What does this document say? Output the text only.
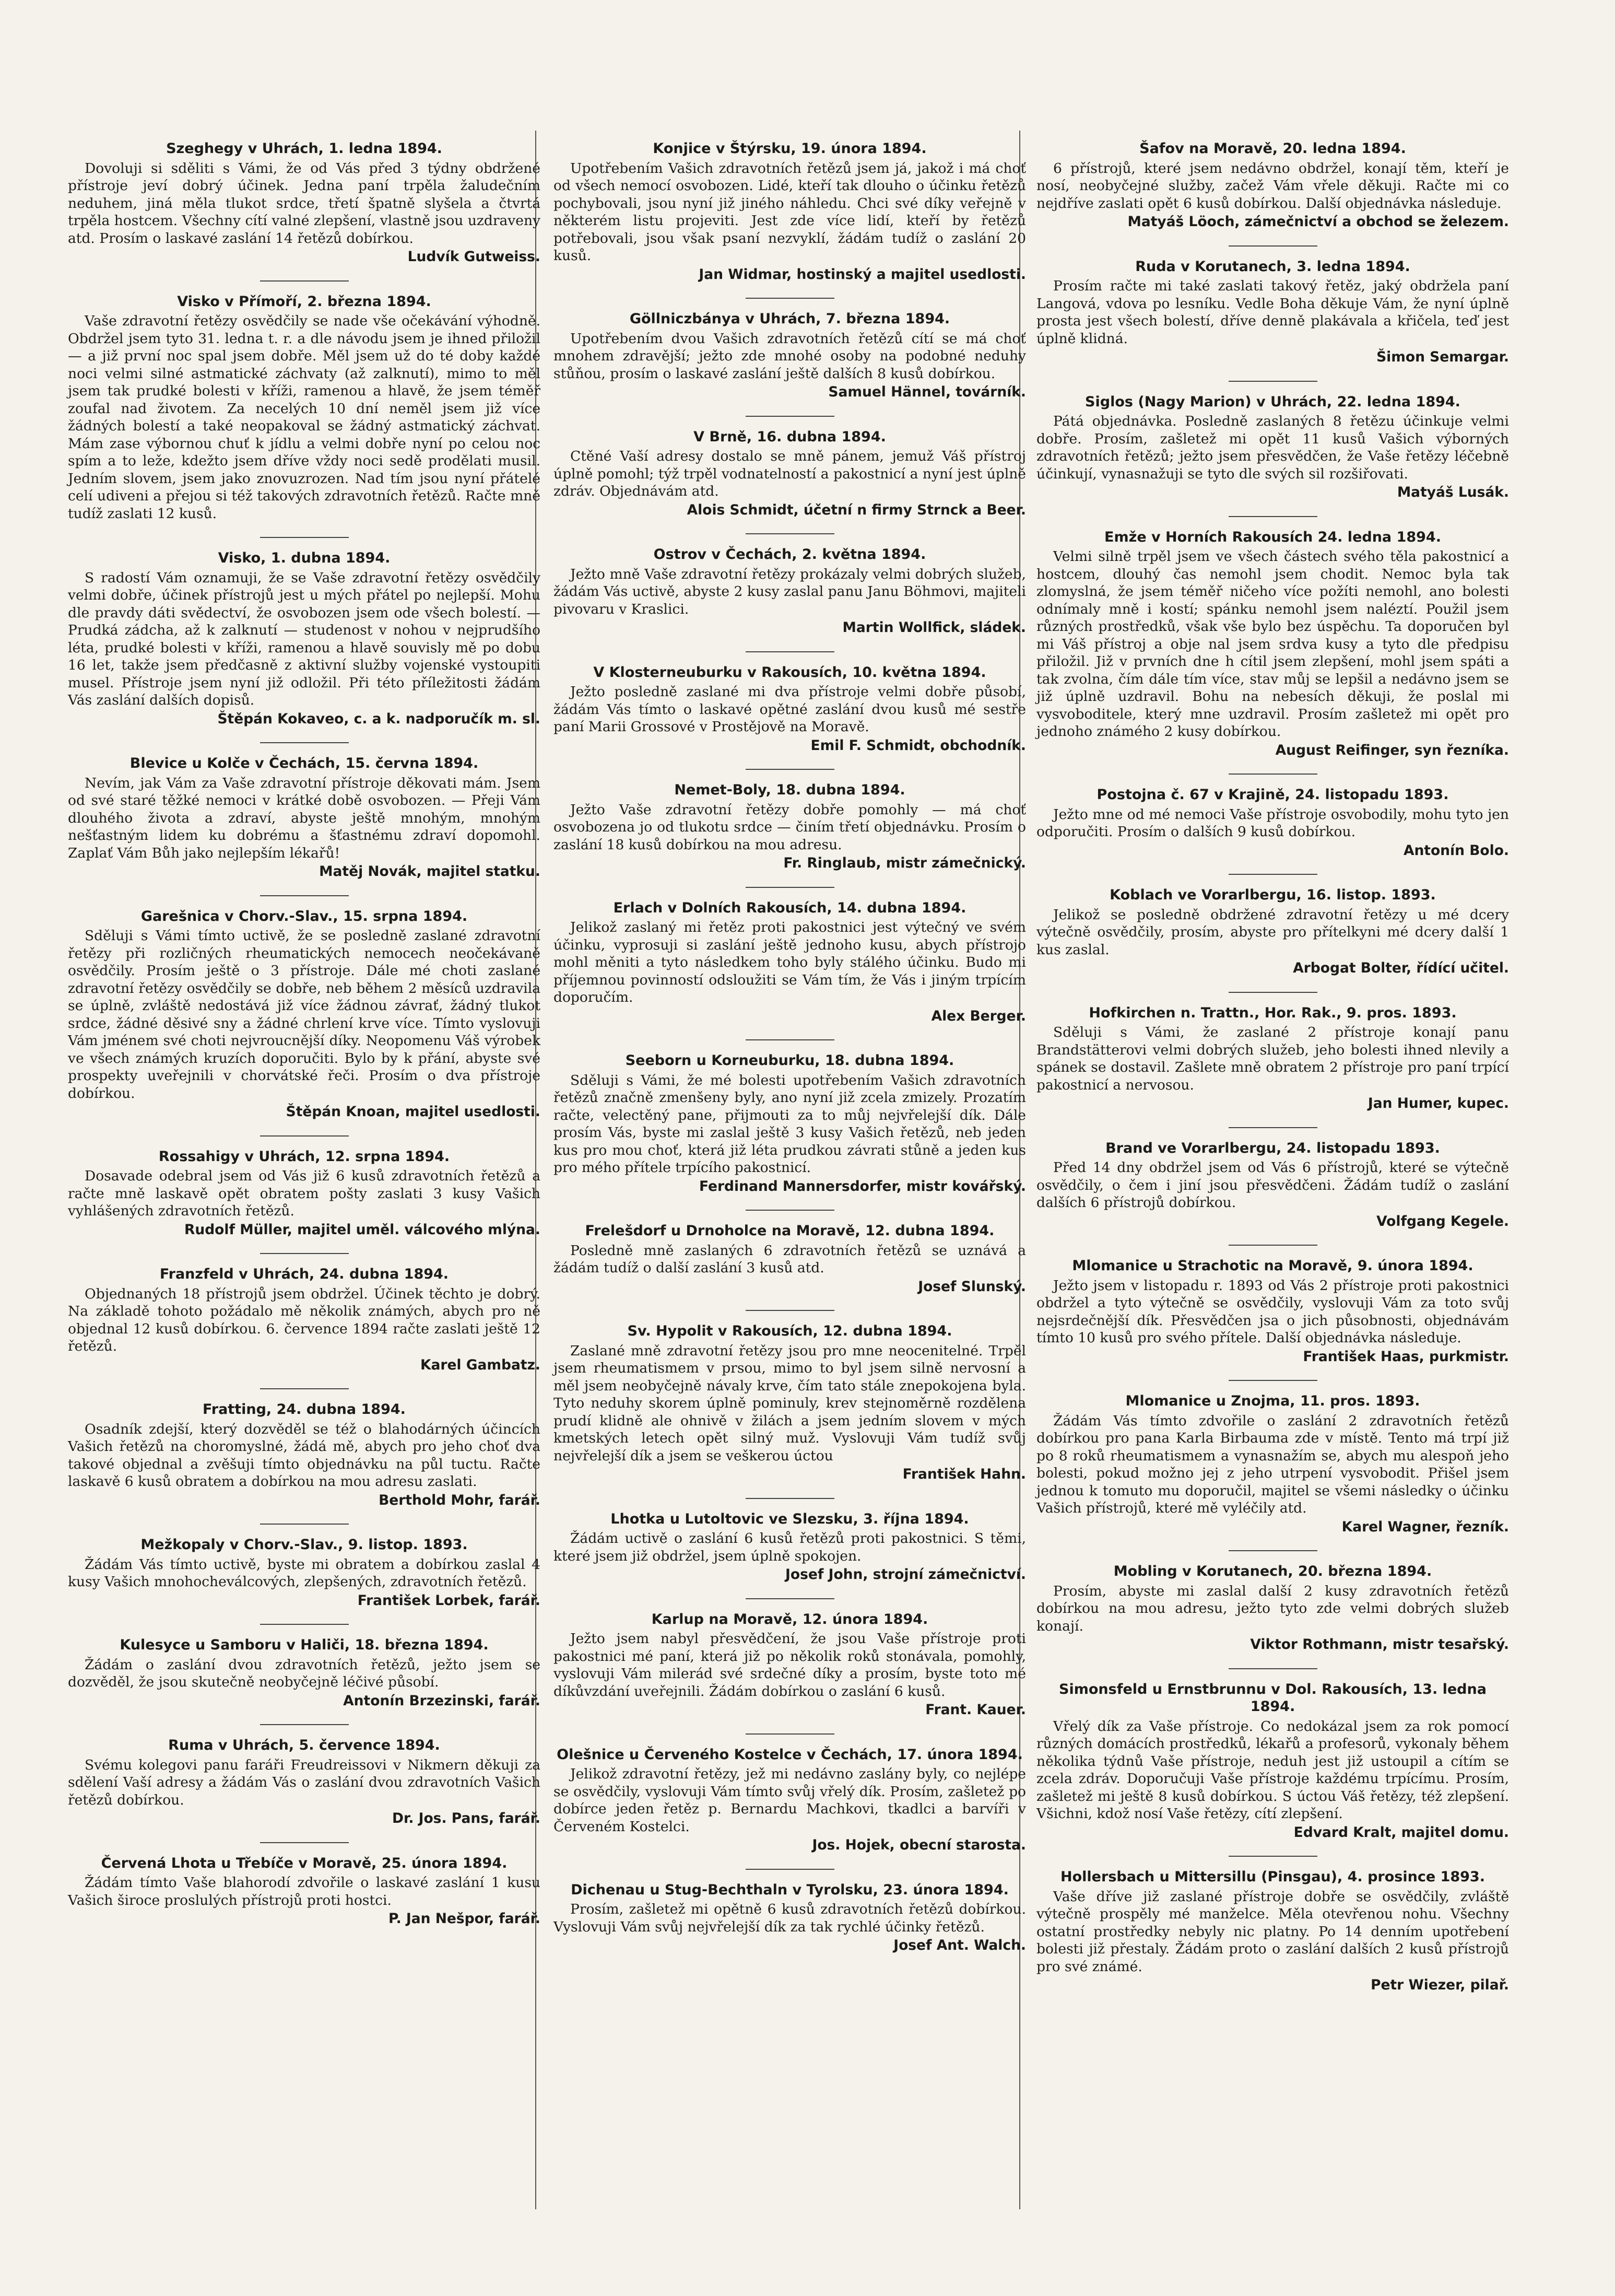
Szeghegy v Uhrách, 1. ledna 1894.

Dovoluji si sděliti s Vámi, že od Vás před 3 týdny obdržené přístroje jeví dobrý účinek. Jedna paní trpěla žaludečním neduhem, jiná měla tlukot srdce, třetí špatně slyšela a čtvrtá trpěla hostcem. Všechny cítí valné zlepšení, vlastně jsou uzdraveny atd. Prosím o laskavé zaslání 14 řetězů dobírkou.

Ludvík Gutweiss.
Visko v Přímoří, 2. března 1894.

Vaše zdravotní řetězy osvědčily se nade vše očekávání výhodně. Obdržel jsem tyto 31. ledna t. r. a dle návodu jsem je ihned přiložil — a již první noc spal jsem dobře. Měl jsem už do té doby každé noci velmi silné astmatické záchvaty (až zalknutí), mimo to měl jsem tak prudké bolesti v kříži, ramenou a hlavě, že jsem téměř zoufal nad životem. Za necelých 10 dní neměl jsem již více žádných bolestí a také neopakoval se žádný astmatický záchvat. Mám zase výbornou chuť k jídlu a velmi dobře nyní po celou noc spím a to leže, kdežto jsem dříve vždy noci sedě prodělati musil. Jedním slovem, jsem jako znovuzrozen. Nad tím jsou nyní přátelé celí udiveni a přejou si též takových zdravotních řetězů. Račte mně tudíž zaslati 12 kusů.

Visko, 1. dubna 1894.

S radostí Vám oznamuji, že se Vaše zdravotní řetězy osvědčily velmi dobře, účinek přístrojů jest u mých přátel po nejlepší. Mohu dle pravdy dáti svědectví, že osvobozen jsem ode všech bolestí. — Prudká zádcha, až k zalknutí — studenost v nohou v nejprudšího léta, prudké bolesti v kříži, ramenou a hlavě souvisly mě po dobu 16 let, takže jsem předčasně z aktivní služby vojenské vystoupiti musel. Přístroje jsem nyní již odložil. Při této příležitosti žádám Vás zaslání dalších dopisů.

Štěpán Kokaveo, c. a k. nadporučík m. sl.
Blevice u Kolče v Čechách, 15. června 1894.

Nevím, jak Vám za Vaše zdravotní přístroje děkovati mám. Jsem od své staré těžké nemoci v krátké době osvobozen. — Přeji Vám dlouhého života a zdraví, abyste ještě mnohým, mnohým nešťastným lidem ku dobrému a šťastnému zdraví dopomohl. Zaplať Vám Bůh jako nejlepším lékařů!

Matěj Novák, majitel statku.
Garešnica v Chorv.-Slav., 15. srpna 1894.

Sděluji s Vámi tímto uctivě, že se posledně zaslané zdravotní řetězy při rozličných rheumatických nemocech neočekávaně osvědčily. Prosím ještě o 3 přístroje. Dále mé choti zaslané zdravotní řetězy osvědčily se dobře, neb během 2 měsíců uzdravila se úplně, zvláště nedostává již více žádnou závrať, žádný tlukot srdce, žádné děsivé sny a žádné chrlení krve více. Tímto vyslovuji Vám jménem své choti nejvroucnější díky. Neopomenu Váš výrobek ve všech známých kruzích doporučiti. Bylo by k přání, abyste své prospekty uveřejnili v chorvátské řeči. Prosím o dva přístroje dobírkou.

Štěpán Knoan, majitel usedlosti.
Rossahigy v Uhrách, 12. srpna 1894.

Dosavade odebral jsem od Vás již 6 kusů zdravotních řetězů a račte mně laskavě opět obratem pošty zaslati 3 kusy Vašich vyhlášených zdravotních řetězů.

Rudolf Müller, majitel uměl. válcového mlýna.
Franzfeld v Uhrách, 24. dubna 1894.

Objednaných 18 přístrojů jsem obdržel. Účinek těchto je dobrý. Na základě tohoto požádalo mě několik známých, abych pro ně objednal 12 kusů dobírkou. 6. července 1894 račte zaslati ještě 12 řetězů.

Karel Gambatz.
Fratting, 24. dubna 1894.

Osadník zdejší, který dozvěděl se též o blahodárných účincích Vašich řetězů na choromyslné, žádá mě, abych pro jeho choť dva takové objednal a zvěšuji tímto objednávku na půl tuctu. Račte laskavě 6 kusů obratem a dobírkou na mou adresu zaslati.

Berthold Mohr, farář.
Mežkopaly v Chorv.-Slav., 9. listop. 1893.

Žádám Vás tímto uctivě, byste mi obratem a dobírkou zaslal 4 kusy Vašich mnohocheválcových, zlepšených, zdravotních řetězů.

František Lorbek, farář.
Kulesyce u Samboru v Haliči, 18. března 1894.

Žádám o zaslání dvou zdravotních řetězů, ježto jsem se dozvěděl, že jsou skutečně neobyčejně léčivé působí.

Antonín Brzezinski, farář.
Ruma v Uhrách, 5. července 1894.

Svému kolegovi panu faráři Freudreissovi v Nikmern děkuji za sdělení Vaší adresy a žádám Vás o zaslání dvou zdravotních Vašich řetězů dobírkou.

Dr. Jos. Pans, farář.
Červená Lhota u Třebíče v Moravě, 25. února 1894.

Žádám tímto Vaše blahorodí zdvořile o laskavé zaslání 1 kusu Vašich široce proslulých přístrojů proti hostci.

P. Jan Nešpor, farář.
Konjice v Štýrsku, 19. února 1894.

Upotřebením Vašich zdravotních řetězů jsem já, jakož i má choť od všech nemocí osvobozen. Lidé, kteří tak dlouho o účinku řetězů pochybovali, jsou nyní již jiného náhledu. Chci své díky veřejně v některém listu projeviti. Jest zde více lidí, kteří by řetězů potřebovali, jsou však psaní nezvyklí, žádám tudíž o zaslání 20 kusů.

Jan Widmar, hostinský a majitel usedlosti.
Göllniczbánya v Uhrách, 7. března 1894.

Upotřebením dvou Vašich zdravotních řetězů cítí se má choť mnohem zdravější; ježto zde mnohé osoby na podobné neduhy stůňou, prosím o laskavé zaslání ještě dalších 8 kusů dobírkou.

Samuel Hännel, továrník.
V Brně, 16. dubna 1894.

Ctěné Vaší adresy dostalo se mně pánem, jemuž Váš přístroj úplně pomohl; týž trpěl vodnatelností a pakostnicí a nyní jest úplně zdráv. Objednávám atd.

Alois Schmidt, účetní n firmy Strnck a Beer.
Ostrov v Čechách, 2. května 1894.

Ježto mně Vaše zdravotní řetězy prokázaly velmi dobrých služeb, žádám Vás uctivě, abyste 2 kusy zaslal panu Janu Böhmovi, majiteli pivovaru v Kraslici.

Martin Wollfick, sládek.
V Klosterneuburku v Rakousích, 10. května 1894.

Ježto posledně zaslané mi dva přístroje velmi dobře působí, žádám Vás tímto o laskavé opětné zaslání dvou kusů mé sestře paní Marii Grossové v Prostějově na Moravě.

Emil F. Schmidt, obchodník.
Nemet-Boly, 18. dubna 1894.

Ježto Vaše zdravotní řetězy dobře pomohly — má choť osvobozena jo od tlukotu srdce — činím třetí objednávku. Prosím o zaslání 18 kusů dobírkou na mou adresu.

Fr. Ringlaub, mistr zámečnický.
Erlach v Dolních Rakousích, 14. dubna 1894.

Jelikož zaslaný mi řetěz proti pakostnici jest výtečný ve svém účinku, vyprosuji si zaslání ještě jednoho kusu, abych přístrojo mohl měniti a tyto následkem toho byly stálého účinku. Budo mi příjemnou povinností odsloužiti se Vám tím, že Vás i jiným trpícím doporučím.

Alex Berger.
Seeborn u Korneuburku, 18. dubna 1894.

Sděluji s Vámi, že mé bolesti upotřebením Vašich zdravotních řetězů značně zmenšeny byly, ano nyní již zcela zmizely. Prozatím račte, velectěný pane, přijmouti za to můj nejvřelejší dík. Dále prosím Vás, byste mi zaslal ještě 3 kusy Vašich řetězů, neb jeden kus pro mou choť, která již léta prudkou závrati stůně a jeden kus pro mého přítele trpícího pakostnicí.

Ferdinand Mannersdorfer, mistr kovářský.
Frelešdorf u Drnoholce na Moravě, 12. dubna 1894.

Posledně mně zaslaných 6 zdravotních řetězů se uznává a žádám tudíž o další zaslání 3 kusů atd.

Josef Slunský.
Sv. Hypolit v Rakousích, 12. dubna 1894.

Zaslané mně zdravotní řetězy jsou pro mne neocenitelné. Trpěl jsem rheumatismem v prsou, mimo to byl jsem silně nervosní a měl jsem neobyčejně návaly krve, čím tato stále znepokojena byla. Tyto neduhy skorem úplně pominuly, krev stejnoměrně rozdělena prudí klidně ale ohnivě v žilách a jsem jedním slovem v mých kmetských letech opět silný muž. Vyslovuji Vám tudíž svůj nejvřelejší dík a jsem se veškerou úctou

František Hahn.
Lhotka u Lutoltovic ve Slezsku, 3. října 1894.

Žádám uctivě o zaslání 6 kusů řetězů proti pakostnici. S těmi, které jsem již obdržel, jsem úplně spokojen.

Josef John, strojní zámečnictví.
Karlup na Moravě, 12. února 1894.

Ježto jsem nabyl přesvědčení, že jsou Vaše přístroje proti pakostnici mé paní, která již po několik roků stonávala, pomohly, vyslovuji Vám milerád své srdečné díky a prosím, byste toto mé díkůvzdání uveřejnili. Žádám dobírkou o zaslání 6 kusů.

Frant. Kauer.
Olešnice u Červeného Kostelce v Čechách, 17. února 1894.

Jelikož zdravotní řetězy, jež mi nedávno zaslány byly, co nejlépe se osvědčily, vyslovuji Vám tímto svůj vřelý dík. Prosím, zašletež po dobírce jeden řetěz p. Bernardu Machkovi, tkadlci a barvíři v Červeném Kostelci.

Jos. Hojek, obecní starosta.
Dichenau u Stug-Bechthaln v Tyrolsku, 23. února 1894.

Prosím, zašletež mi opětně 6 kusů zdravotních řetězů dobírkou. Vyslovuji Vám svůj nejvřelejší dík za tak rychlé účinky řetězů.

Josef Ant. Walch.
Šafov na Moravě, 20. ledna 1894.

6 přístrojů, které jsem nedávno obdržel, konají těm, kteří je nosí, neobyčejné služby, začež Vám vřele děkuji. Račte mi co nejdříve zaslati opět 6 kusů dobírkou. Další objednávka následuje.

Matyáš Löoch, zámečnictví a obchod se železem.
Ruda v Korutanech, 3. ledna 1894.

Prosím račte mi také zaslati takový řetěz, jaký obdržela paní Langová, vdova po lesníku. Vedle Boha děkuje Vám, že nyní úplně prosta jest všech bolestí, dříve denně plakávala a křičela, teď jest úplně klidná.

Šimon Semargar.
Siglos (Nagy Marion) v Uhrách, 22. ledna 1894.

Pátá objednávka. Posledně zaslaných 8 řetězu účinkuje velmi dobře. Prosím, zašletež mi opět 11 kusů Vašich výborných zdravotních řetězů; ježto jsem přesvědčen, že Vaše řetězy léčebně účinkují, vynasnažuji se tyto dle svých sil rozšiřovati.

Matyáš Lusák.
Emže v Horních Rakousích 24. ledna 1894.

Velmi silně trpěl jsem ve všech částech svého těla pakostnicí a hostcem, dlouhý čas nemohl jsem chodit. Nemoc byla tak zlomyslná, že jsem téměř ničeho více požíti nemohl, ano bolesti odnímaly mně i kostí; spánku nemohl jsem naléztí. Použil jsem různých prostředků, však vše bylo bez úspěchu. Ta doporučen byl mi Váš přístroj a obje nal jsem srdva kusy a tyto dle předpisu přiložil. Již v prvních dne h cítil jsem zlepšení, mohl jsem spáti a tak zvolna, čím dále tím více, stav můj se lepšil a nedávno jsem se již úplně uzdravil. Bohu na nebesích děkuji, že poslal mi vysvoboditele, který mne uzdravil. Prosím zašletež mi opět pro jednoho známého 2 kusy dobírkou.

August Reifinger, syn řezníka.
Postojna č. 67 v Krajině, 24. listopadu 1893.

Ježto mne od mé nemoci Vaše přístroje osvobodily, mohu tyto jen odporučiti. Prosím o dalších 9 kusů dobírkou.

Antonín Bolo.
Koblach ve Vorarlbergu, 16. listop. 1893.

Jelikož se posledně obdržené zdravotní řetězy u mé dcery výtečně osvědčily, prosím, abyste pro přítelkyni mé dcery další 1 kus zaslal.

Arbogat Bolter, řídící učitel.
Hofkirchen n. Trattn., Hor. Rak., 9. pros. 1893.

Sděluji s Vámi, že zaslané 2 přístroje konají panu Brandstätterovi velmi dobrých služeb, jeho bolesti ihned nlevily a spánek se dostavil. Zašlete mně obratem 2 přístroje pro paní trpící pakostnicí a nervosou.

Jan Humer, kupec.
Brand ve Vorarlbergu, 24. listopadu 1893.

Před 14 dny obdržel jsem od Vás 6 přístrojů, které se výtečně osvědčily, o čem i jiní jsou přesvědčeni. Žádám tudíž o zaslání dalších 6 přístrojů dobírkou.

Volfgang Kegele.
Mlomanice u Strachotic na Moravě, 9. února 1894.

Ježto jsem v listopadu r. 1893 od Vás 2 přístroje proti pakostnici obdržel a tyto výtečně se osvědčily, vyslovuji Vám za toto svůj nejsrdečnější dík. Přesvědčen jsa o jich působnosti, objednávám tímto 10 kusů pro svého přítele. Další objednávka následuje.

František Haas, purkmistr.
Mlomanice u Znojma, 11. pros. 1893.

Žádám Vás tímto zdvořile o zaslání 2 zdravotních řetězů dobírkou pro pana Karla Birbauma zde v místě. Tento má trpí již po 8 roků rheumatismem a vynasnažím se, abych mu alespoň jeho bolesti, pokud možno jej z jeho utrpení vysvobodit. Přišel jsem jednou k tomuto mu doporučil, majitel se všemi následky o účinku Vašich přístrojů, které mě vyléčily atd.

Karel Wagner, řezník.
Mobling v Korutanech, 20. března 1894.

Prosím, abyste mi zaslal další 2 kusy zdravotních řetězů dobírkou na mou adresu, ježto tyto zde velmi dobrých služeb konají.

Viktor Rothmann, mistr tesařský.
Simonsfeld u Ernstbrunnu v Dol. Rakousích, 13. ledna 1894.

Vřelý dík za Vaše přístroje. Co nedokázal jsem za rok pomocí různých domácích prostředků, lékařů a profesorů, vykonaly během několika týdnů Vaše přístroje, neduh jest již ustoupil a cítím se zcela zdráv. Doporučuji Vaše přístroje každému trpícímu. Prosím, zašletež mi ještě 8 kusů dobírkou. S úctou Váš řetězy, též zlepšení. Všichni, kdož nosí Vaše řetězy, cítí zlepšení.

Edvard Kralt, majitel domu.
Hollersbach u Mittersillu (Pinsgau), 4. prosince 1893.

Vaše dříve již zaslané přístroje dobře se osvědčily, zvláště výtečně prospěly mé manželce. Měla otevřenou nohu. Všechny ostatní prostředky nebyly nic platny. Po 14 denním upotřebení bolesti již přestaly. Žádám proto o zaslání dalších 2 kusů přístrojů pro své známé.

Petr Wiezer, pilař.
